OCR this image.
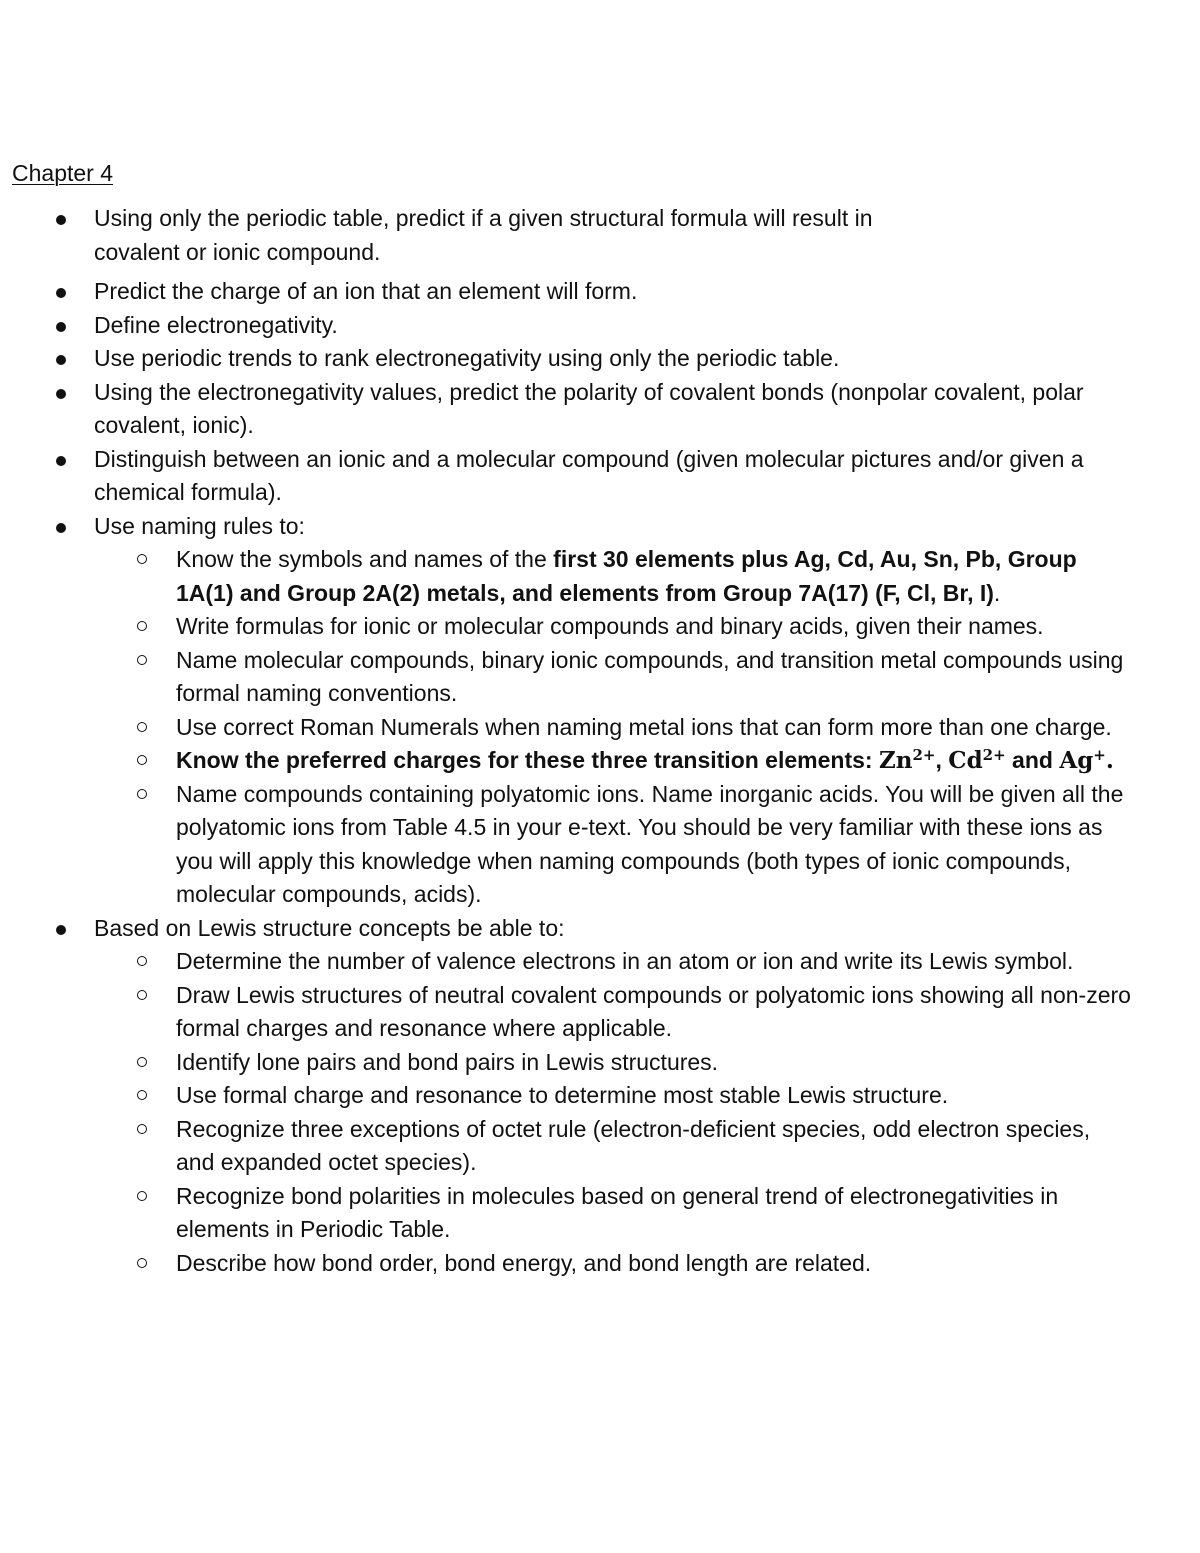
Chapter 4
Using only the periodic table, predict if a given structural formula will result in covalent or ionic compound.
Predict the charge of an ion that an element will form.
Define electronegativity.
Use periodic trends to rank electronegativity using only the periodic table.
Using the electronegativity values, predict the polarity of covalent bonds (nonpolar covalent, polar covalent, ionic).
Distinguish between an ionic and a molecular compound (given molecular pictures and/or given a chemical formula).
Use naming rules to:
Know the symbols and names of the first 30 elements plus Ag, Cd, Au, Sn, Pb, Group 1A(1) and Group 2A(2) metals, and elements from Group 7A(17) (F, Cl, Br, I).
Write formulas for ionic or molecular compounds and binary acids, given their names.
Name molecular compounds, binary ionic compounds, and transition metal compounds using formal naming conventions.
Use correct Roman Numerals when naming metal ions that can form more than one charge.
Know the preferred charges for these three transition elements: $Zn^{2+}$, $Cd^{2+}$ and Ag+.
Name compounds containing polyatomic ions. Name inorganic acids. You will be given all the polyatomic ions from Table 4.5 in your e-text. You should be very familiar with these ions as you will apply this knowledge when naming compounds (both types of ionic compounds, molecular compounds, acids).
Based on Lewis structure concepts be able to:
Determine the number of valence electrons in an atom or ion and write its Lewis symbol.
Draw Lewis structures of neutral covalent compounds or polyatomic ions showing all non-zero formal charges and resonance where applicable.
Identify lone pairs and bond pairs in Lewis structures.
Use formal charge and resonance to determine most stable Lewis structure.
Recognize three exceptions of octet rule (electron-deficient species, odd electron species, and expanded octet species).
Recognize bond polarities in molecules based on general trend of electronegativities in elements in Periodic Table.
Describe how bond order, bond energy, and bond length are related.
